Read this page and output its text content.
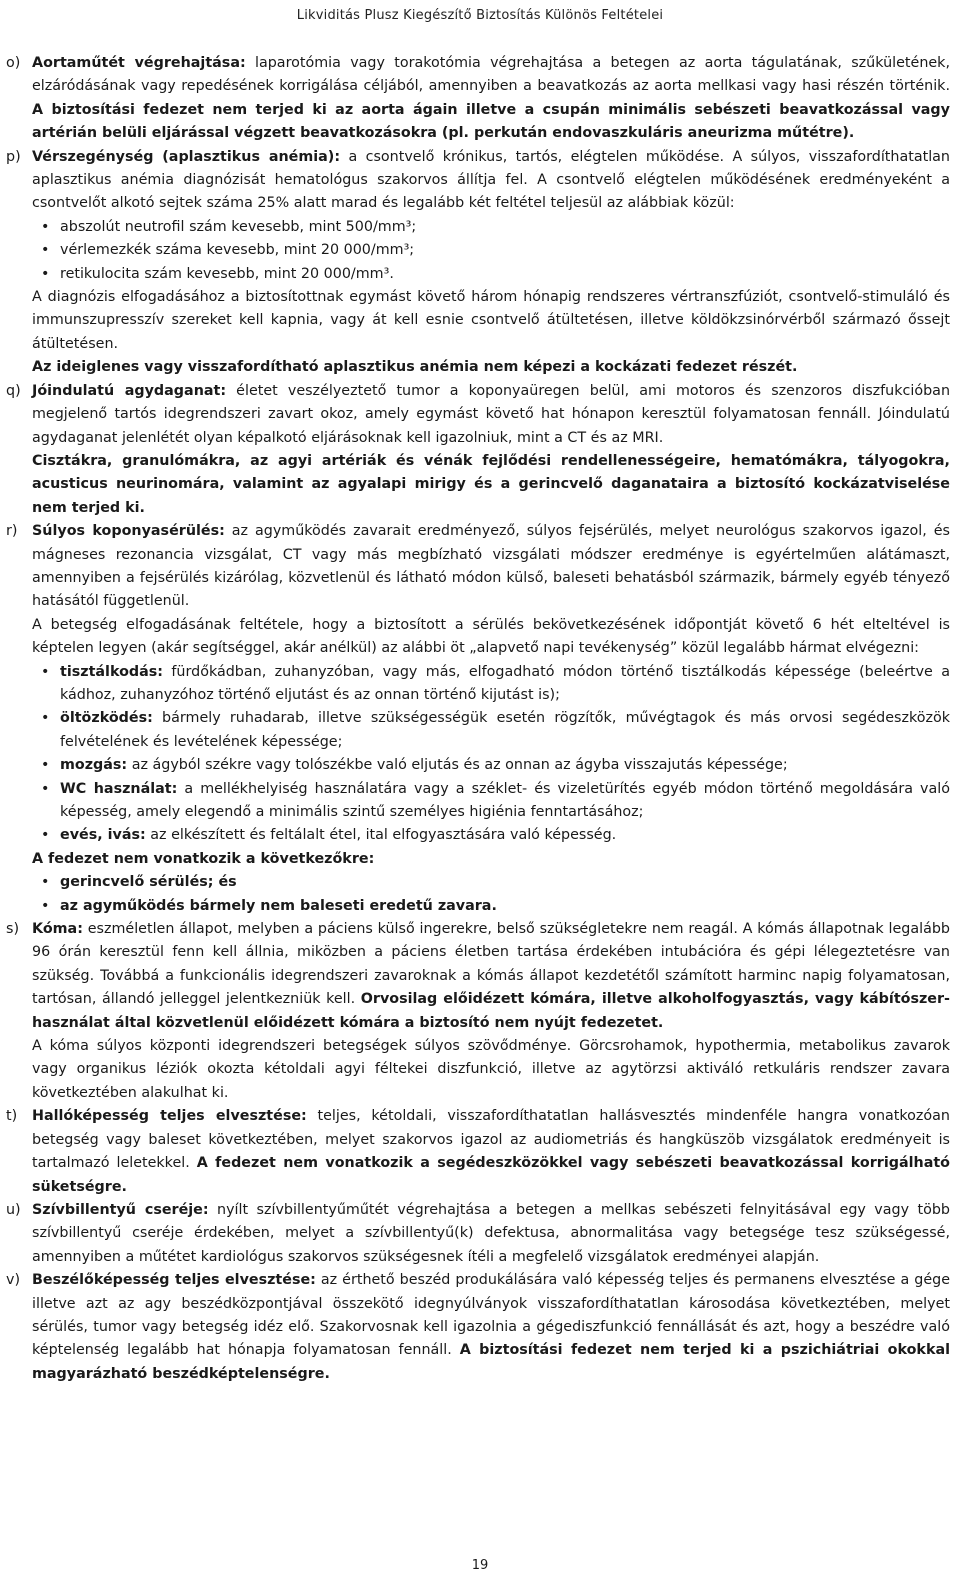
Likviditás Plusz Kiegészítő Biztosítás Különös Feltételei
o) Aortaműtét végrehajtása: laparotómia vagy torakotómia végrehajtása a betegen az aorta tágulatának, szűkületének, elzáródásának vagy repedésének korrigálása céljából, amennyiben a beavatkozás az aorta mellkasi vagy hasi részén történik. A biztosítási fedezet nem terjed ki az aorta ágain illetve a csupán minimális sebészeti beavatkozással vagy artérián belüli eljárással végzett beavatkozásokra (pl. perkután endovaszkuláris aneurizma műtétre).

p) Vérszegénység (aplasztikus anémia): a csontvelő krónikus, tartós, elégtelen működése. A súlyos, visszafordíthatatlan aplasztikus anémia diagnózisát hematológus szakorvos állítja fel. A csontvelő elégtelen működésének eredményeként a csontvelőt alkotó sejtek száma 25% alatt marad és legalább két feltétel teljesül az alábbiak közül:

• abszolút neutrofil szám kevesebb, mint 500/mm³;
• vérlemezkék száma kevesebb, mint 20 000/mm³;
• retikulocita szám kevesebb, mint 20 000/mm³.

A diagnózis elfogadásához a biztosítottnak egymást követő három hónapig rendszeres vértranszfúziót, csontvelő-stimuláló és immunszupresszív szereket kell kapnia, vagy át kell esnie csontvelő átültetésen, illetve köldökzsinórvérből származó őssejt átültetésen.

Az ideiglenes vagy visszafordítható aplasztikus anémia nem képezi a kockázati fedezet részét.

q) Jóindulatú agydaganat: életet veszélyeztető tumor a koponyaüregen belül, ami motoros és szenzoros diszfukcióban megjelenő tartós idegrendszeri zavart okoz, amely egymást követő hat hónapon keresztül folyamatosan fennáll. Jóindulatú agydaganat jelenlétét olyan képalkotó eljárásoknak kell igazolniuk, mint a CT és az MRI.

Cisztákra, granulómákra, az agyi artériák és vénák fejlődési rendellenességeire, hematómákra, tályogokra, acusticus neurinomára, valamint az agyalapi mirigy és a gerincvelő daganataira a biztosító kockázatviselése nem terjed ki.

r) Súlyos koponyasérülés: az agyműködés zavarait eredményező, súlyos fejsérülés, melyet neurológus szakorvos igazol, és mágneses rezonancia vizsgálat, CT vagy más megbízható vizsgálati módszer eredménye is egyértelműen alátámaszt, amennyiben a fejsérülés kizárólag, közvetlenül és látható módon külső, baleseti behatásból származik, bármely egyéb tényező hatásától függetlenül.

A betegség elfogadásának feltétele, hogy a biztosított a sérülés bekövetkezésének időpontját követő 6 hét elteltével is képtelen legyen (akár segítséggel, akár anélkül) az alábbi öt „alapvető napi tevékenység” közül legalább hármat elvégezni:

• tisztálkodás: fürdőkádban, zuhanyzóban, vagy más, elfogadható módon történő tisztálkodás képessége (beleértve a kádhoz, zuhanyzóhoz történő eljutást és az onnan történő kijutást is);
• öltözködés: bármely ruhadarab, illetve szükségességük esetén rögzítők, művégtagok és más orvosi segédeszközök felvételének és levételének képessége;
• mozgás: az ágyból székre vagy tolószékbe való eljutás és az onnan az ágyba visszajutás képessége;
• WC használat: a mellékhelyiség használatára vagy a széklet- és vizeletürítés egyéb módon történő megoldására való képesség, amely elegendő a minimális szintű személyes higiénia fenntartásához;
• evés, ivás: az elkészített és feltálalt étel, ital elfogyasztására való képesség.

A fedezet nem vonatkozik a következőkre:

• gerincvelő sérülés; és
• az agyműködés bármely nem baleseti eredetű zavara.
s) Kóma: eszméletlen állapot, melyben a páciens külső ingerekre, belső szükségletekre nem reagál. A kómás állapotnak legalább 96 órán keresztül fenn kell állnia, miközben a páciens életben tartása érdekében intubációra és gépi lélegeztetésre van szükség. Továbbá a funkcionális idegrendszeri zavaroknak a kómás állapot kezdetétől számított harminc napig folyamatosan, tartósan, állandó jelleggel jelentkezniük kell. Orvosilag előidézett kómára, illetve alkoholfogyasztás, vagy kábítószer-használat által közvetlenül előidézett kómára a biztosító nem nyújt fedezetet.

A kóma súlyos központi idegrendszeri betegségek súlyos szövődménye. Görcsrohamok, hypothermia, metabolikus zavarok vagy organikus léziók okozta kétoldali agyi féltekei diszfunkció, illetve az agytörzsi aktiváló retkuláris rendszer zavara következtében alakulhat ki.

t) Hallóképesség teljes elvesztése: teljes, kétoldali, visszafordíthatatlan hallásvesztés mindenféle hangra vonatkozóan betegség vagy baleset következtében, melyet szakorvos igazol az audiometriás és hangküszöb vizsgálatok eredményeit is tartalmazó leletekkel. A fedezet nem vonatkozik a segédeszközökkel vagy sebészeti beavatkozással korrigálható süketségre.

u) Szívbillentyű cseréje: nyílt szívbillentyűműtét végrehajtása a betegen a mellkas sebészeti felnyitásával egy vagy több szívbillentyű cseréje érdekében, melyet a szívbillentyű(k) defektusa, abnormalitása vagy betegsége tesz szükségessé, amennyiben a műtétet kardiológus szakorvos szükségesnek ítéli a megfelelő vizsgálatok eredményei alapján.

v) Beszélőképesség teljes elvesztése: az érthető beszéd produkálására való képesség teljes és permanens elvesztése a gége illetve azt az agy beszédközpontjával összekötő idegnyúlványok visszafordíthatatlan károsodása következtében, melyet sérülés, tumor vagy betegség idéz elő. Szakorvosnak kell igazolnia a gégediszfunkció fennállását és azt, hogy a beszédre való képtelenség legalább hat hónapja folyamatosan fennáll. A biztosítási fedezet nem terjed ki a pszichiátriai okokkal magyarázható beszédképtelenségre.

19
